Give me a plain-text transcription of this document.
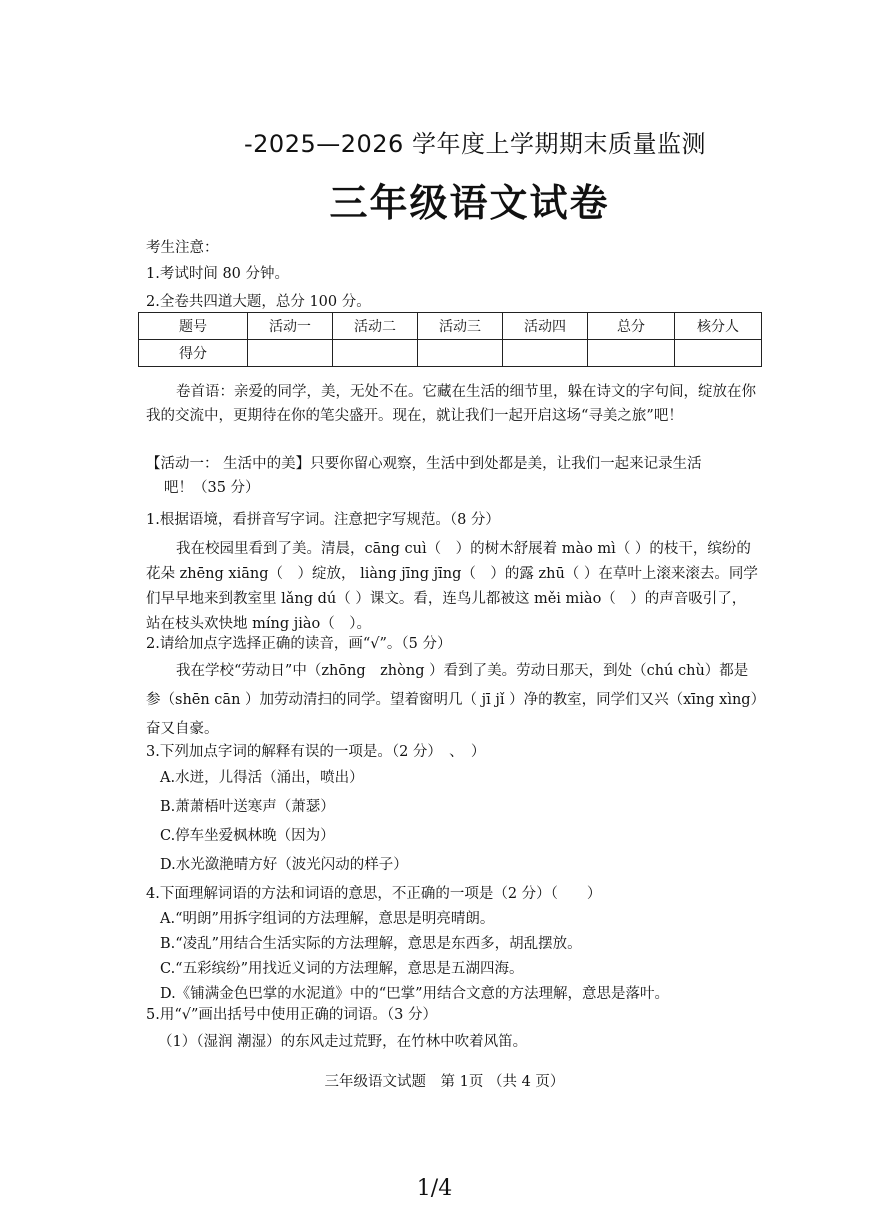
-2025—2026 学年度上学期期末质量监测
三年级语文试卷
考生注意：
1.考试时间 80 分钟。
2.全卷共四道大题，总分 100 分。
题号	活动一	活动二	活动三	活动四	总分	核分人
得分						
卷首语：亲爱的同学，美，无处不在。它藏在生活的细节里，躲在诗文的字句间，绽放在你我的交流中，更期待在你的笔尖盛开。现在，就让我们一起开启这场“寻美之旅”吧！
【活动一： 生活中的美】只要你留心观察，生活中到处都是美，让我们一起来记录生活
吧！（35 分）
1.根据语境，看拼音写字词。注意把字写规范。（8 分）
我在校园里看到了美。清晨，cāng cuì（　）的树木舒展着 mào mì（ ）的枝干，缤纷的花朵 zhēng xiāng（　）绽放， liàng jīng jīng（　）的露 zhū（ ）在草叶上滚来滚去。同学们早早地来到教室里 lǎng dú（ ）课文。看，连鸟儿都被这 měi miào（　）的声音吸引了，站在枝头欢快地 míng jiào（　）。
2.请给加点字选择正确的读音，画“√”。（5 分）
我在学校“劳动日”中（zhōng　zhòng ）看到了美。劳动日那天，到处（chú chù）都是参（shēn cān ）加劳动清扫的同学。望着窗明几（ jī jǐ ）净的教室，同学们又兴（xīng xìng）奋又自豪。
3.下列加点字词的解释有误的一项是。（2 分）　、　）
A.水迸，儿得活（涌出，喷出）
B.萧萧梧叶送寒声（萧瑟）
C.停车坐爱枫林晚（因为）
D.水光潋滟晴方好（波光闪动的样子）
4.下面理解词语的方法和词语的意思，不正确的一项是（2 分）（　　）
A.“明朗”用拆字组词的方法理解，意思是明亮晴朗。
B.“凌乱”用结合生活实际的方法理解，意思是东西多，胡乱摆放。
C.“五彩缤纷”用找近义词的方法理解，意思是五湖四海。
D.《铺满金色巴掌的水泥道》中的“巴掌”用结合文意的方法理解，意思是落叶。
5.用“√”画出括号中使用正确的词语。（3 分）
（1）（湿润 潮湿）的东风走过荒野，在竹林中吹着风笛。
三年级语文试题　第 1页 （共 4 页）
1/4
